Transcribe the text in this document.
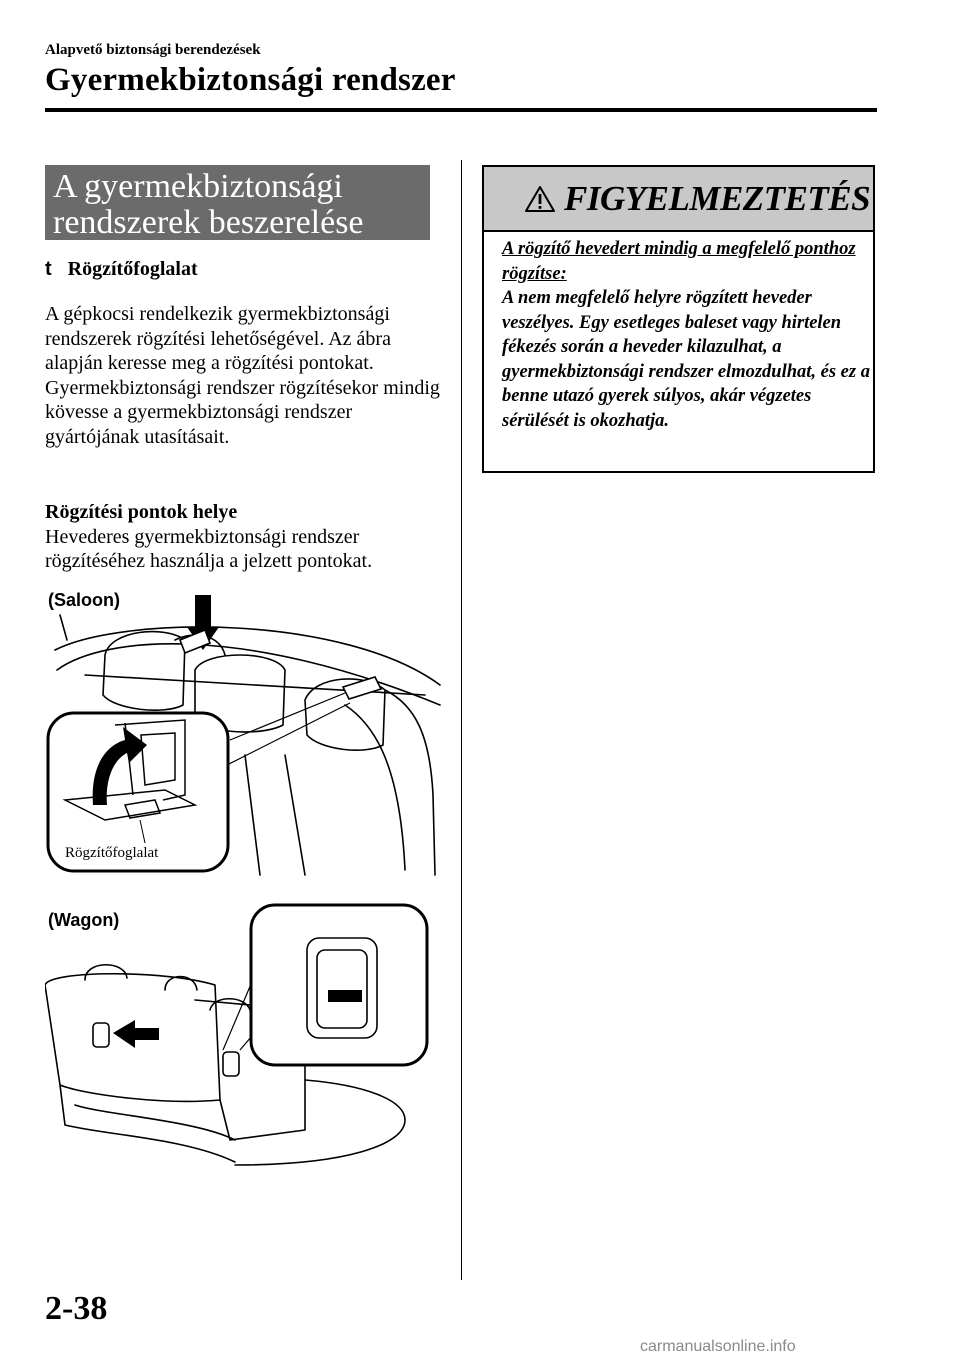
Alapvető biztonsági berendezések
Gyermekbiztonsági rendszer
A gyermekbiztonsági
rendszerek beszerelése
t Rögzítőfoglalat
A gépkocsi rendelkezik gyermekbiztonsági rendszerek rögzítési lehetőségével. Az ábra alapján keresse meg a rögzítési pontokat. Gyermekbiztonsági rendszer rögzítésekor mindig kövesse a gyermekbiztonsági rendszer gyártójának utasításait.
Rögzítési pontok helye
Hevederes gyermekbiztonsági rendszer rögzítéséhez használja a jelzett pontokat.
(Saloon)
Rögzítőfoglalat
(Wagon)
FIGYELMEZTETÉS
A rögzítő hevedert mindig a megfelelő ponthoz rögzítse:
A nem megfelelő helyre rögzített heveder veszélyes. Egy esetleges baleset vagy hirtelen fékezés során a heveder kilazulhat, a gyermekbiztonsági rendszer elmozdulhat, és ez a benne utazó gyerek súlyos, akár végzetes sérülését is okozhatja.
2-38
carmanualsonline.info
